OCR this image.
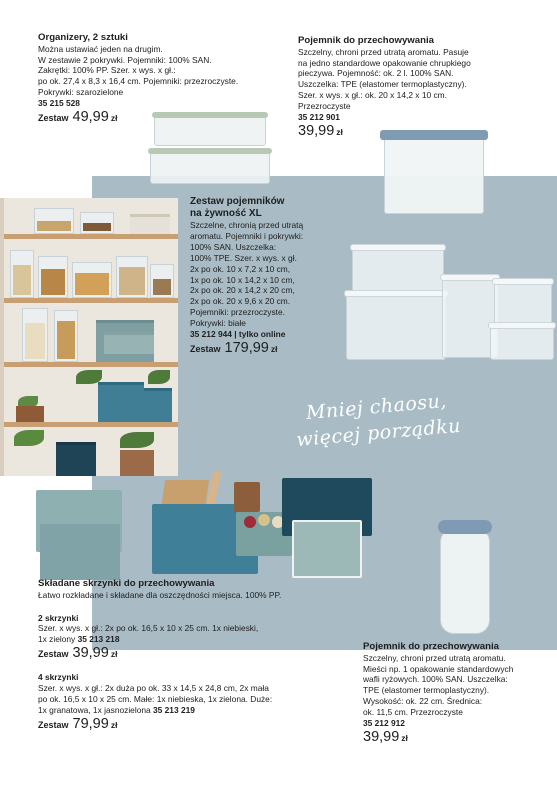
Organizery, 2 sztuki
Można ustawiać jeden na drugim.
W zestawie 2 pokrywki. Pojemniki: 100% SAN.
Zakrętki: 100% PP. Szer. x wys. x gł.:
po ok. 27,4 x 8,3 x 16,4 cm. Pojemniki: przezroczyste.
Pokrywki: szarozielone
35 215 528
Zestaw 49,99 zł
Pojemnik do przechowywania
Szczelny, chroni przed utratą aromatu. Pasuje
na jedno standardowe opakowanie chrupkiego
pieczywa. Pojemność: ok. 2 l. 100% SAN.
Uszczelka: TPE (elastomer termoplastyczny).
Szer. x wys. x gł.: ok. 20 x 14,2 x 10 cm.
Przezroczyste
35 212 901
39,99 zł
Zestaw pojemników
na żywność XL
Szczelne, chronią przed utratą
aromatu. Pojemniki i pokrywki:
100% SAN. Uszczelka:
100% TPE. Szer. x wys. x gł.
2x po ok. 10 x 7,2 x 10 cm,
1x po ok. 10 x 14,2 x 10 cm,
2x po ok. 20 x 14,2 x 20 cm,
2x po ok. 20 x 9,6 x 20 cm.
Pojemniki: przezroczyste.
Pokrywki: białe
35 212 944 | tylko online
Zestaw 179,99 zł
Mniej chaosu,
więcej porządku
Składane skrzynki do przechowywania
Łatwo rozkładane i składane dla oszczędności miejsca. 100% PP.
2 skrzynki
Szer. x wys. x gł.: 2x po ok. 16,5 x 10 x 25 cm. 1x niebieski,
1x zielony 35 213 218
Zestaw 39,99 zł
4 skrzynki
Szer. x wys. x gł.: 2x duża po ok. 33 x 14,5 x 24,8 cm, 2x mała
po ok. 16,5 x 10 x 25 cm. Małe: 1x niebieska, 1x zielona. Duże:
1x granatowa, 1x jasnozielona 35 213 219
Zestaw 79,99 zł
Pojemnik do przechowywania
Szczelny, chroni przed utratą aromatu.
Mieści np. 1 opakowanie standardowych
wafli ryżowych. 100% SAN. Uszczelka:
TPE (elastomer termoplastyczny).
Wysokość: ok. 22 cm. Średnica:
ok. 11,5 cm. Przezroczyste
35 212 912
39,99 zł
